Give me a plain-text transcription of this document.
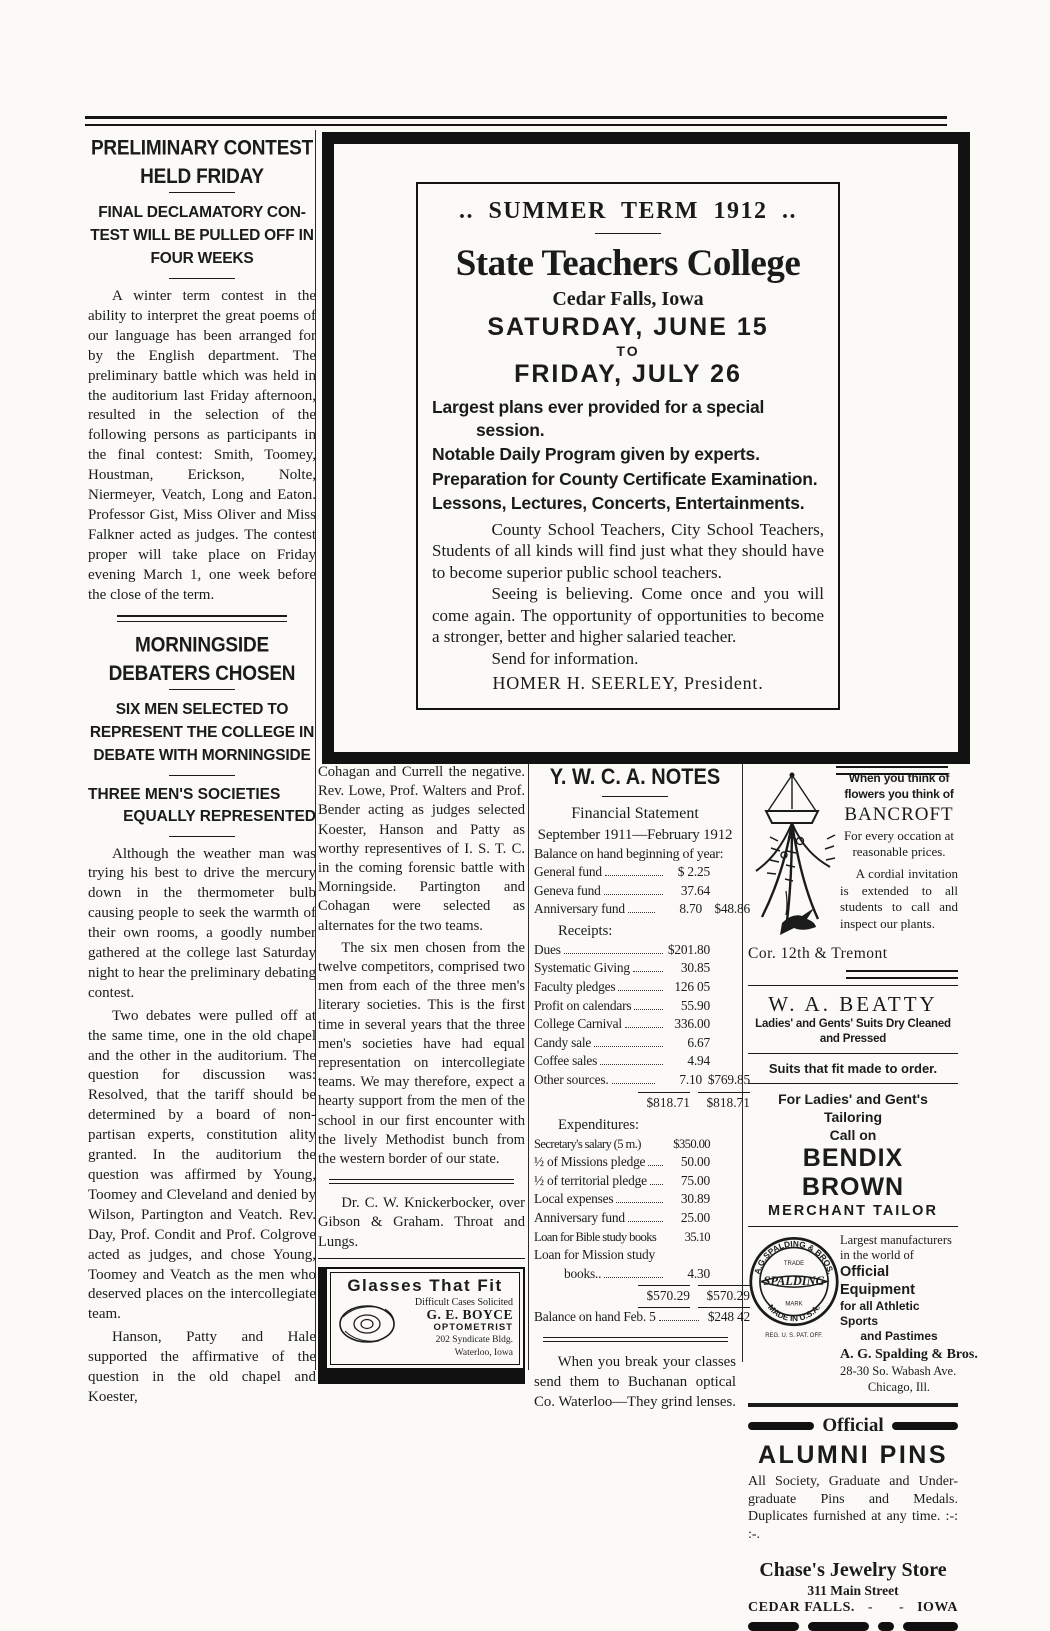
PRELIMINARY CONTEST HELD FRIDAY
FINAL DECLAMATORY CON- TEST WILL BE PULLED OFF IN FOUR WEEKS

A winter term contest in the ability to interpret the great poems of our language has been arranged for by the English department. The preliminary battle which was held in the auditorium last Friday afternoon, resulted in the selection of the following persons as participants in the final contest: Smith, Toomey, Houstman, Erickson, Nolte, Niermeyer, Veatch, Long and Eaton. Professor Gist, Miss Oliver and Miss Falkner acted as judges. The contest proper will take place on Friday evening March 1, one week before the close of the term.

MORNINGSIDE DEBATERS CHOSEN
SIX MEN SELECTED TO REPRESENT THE COLLEGE IN DEBATE WITH MORNINGSIDE
THREE MEN'S SOCIETIES
EQUALLY REPRESENTED

Although the weather man was trying his best to drive the mercury down in the thermometer bulb causing people to seek the warmth of their own rooms, a goodly number gathered at the college last Saturday night to hear the preliminary debating contest.

Two debates were pulled off at the same time, one in the old chapel and the other in the auditorium. The question for discussion was: Resolved, that the tariff should be determined by a board of non-partisan experts, constitution ality granted. In the auditorium the question was affirmed by Young, Toomey and Cleveland and denied by Wilson, Partington and Veatch. Rev. Day, Prof. Condit and Prof. Colgrove acted as judges, and chose Young, Toomey and Veatch as the men who deserved places on the intercollegiate team.

Hanson, Patty and Hale supported the affirmative of the question in the old chapel and Koester,

.. SUMMER TERM 1912 ..
State Teachers College
Cedar Falls, Iowa
SATURDAY, JUNE 15
TO
FRIDAY, JULY 26

Largest plans ever provided for a special session.

Notable Daily Program given by experts.

Preparation for County Certificate Examination.

Lessons, Lectures, Concerts, Entertainments.

County School Teachers, City School Teachers, Students of all kinds will find just what they should have to become superior public school teachers.

Seeing is believing. Come once and you will come again. The opportunity of opportunities to become a stronger, better and higher salaried teacher.

Send for information.

HOMER H. SEERLEY, President.

Cohagan and Currell the negative. Rev. Lowe, Prof. Walters and Prof. Bender acting as judges selected Koester, Hanson and Patty as worthy representives of I. S. T. C. in the coming forensic battle with Morningside. Partington and Cohagan were selected as alternates for the two teams.

The six men chosen from the twelve competitors, comprised two men from each of the three men's literary societies. This is the first time in several years that the three men's societies have had equal representation on intercollegiate teams. We may therefore, expect a hearty support from the men of the school in our first encounter with the lively Methodist bunch from the western border of our state.

Dr. C. W. Knickerbocker, over Gibson & Graham. Throat and Lungs.

Glasses That Fit
Difficult Cases Solicited
G. E. BOYCE
OPTOMETRIST
202 Syndicate Bldg.
Waterloo, Iowa
Y. W. C. A. NOTES
Financial Statement
September 1911—February 1912
Balance on hand beginning of year:
General fund	$ 2.25
Geneva fund	37.64
Anniversary fund	8.70 $48.86
Receipts:
Dues	$201.80
Systematic Giving	30.85
Faculty pledges	126 05
Profit on calendars	55.90
College Carnival	336.00
Candy sale	6.67
Coffee sales	4.94
Other sources.	7.10 $769.85
$818.71	$818.71
Expenditures:
Secretary's salary (5 m.)	$350.00
½ of Missions pledge	50.00
½ of territorial pledge	75.00
Local expenses	30.89
Anniversary fund	25.00
Loan for Bible study books	35.10
Loan for Mission study
books..	4.30
$570.29	$570.29
Balance on hand Feb. 5	$248 42

When you break your classes send them to Buchanan optical Co. Waterloo—They grind lenses.

When you think of flowers you think of
BANCROFT
For every occation at reasonable prices.
A cordial invitation is extended to all students to call and inspect our plants.
Cor. 12th & Tremont
W. A. BEATTY
Ladies' and Gents' Suits Dry Cleaned
and Pressed
Suits that fit made to order.
For Ladies' and Gent's Tailoring
Call on
BENDIX BROWN
MERCHANT TAILOR
A.G.SPALDING & BROS.
MADE IN U.S.A.
SPALDING
TRADE
MARK
REG. U. S. PAT. OFF.
Largest manufacturers in the world of
Official Equipment
for all Athletic Sports
and Pastimes
A. G. Spalding & Bros.
28-30 So. Wabash Ave.
Chicago, Ill.
Official
ALUMNI PINS

All Society, Graduate and Under-graduate Pins and Medals. Duplicates furnished at any time. :-: :-.

Chase's Jewelry Store
311 Main Street
CEDAR FALLS. -	- IOWA
